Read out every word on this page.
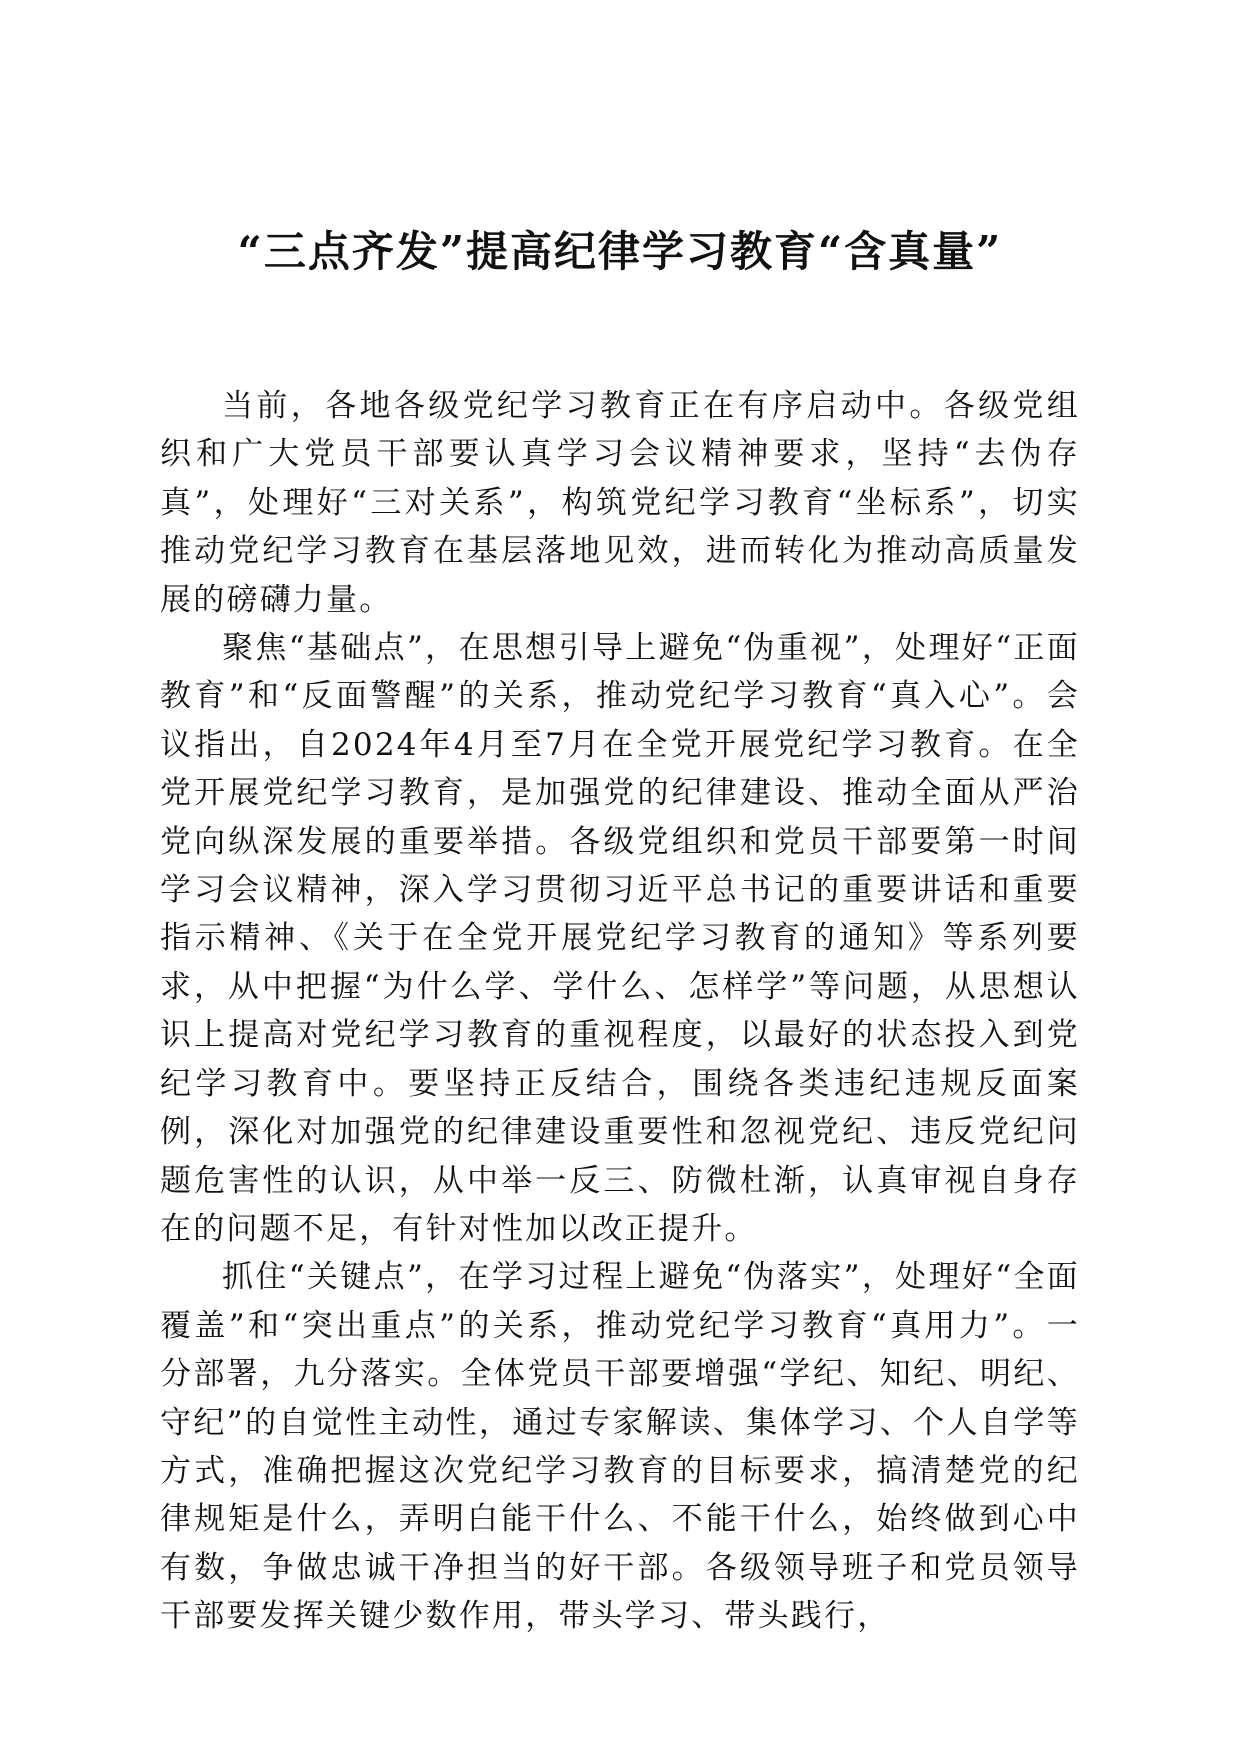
“三点齐发”提高纪律学习教育“含真量”

当前，各地各级党纪学习教育正在有序启动中。各级党组织和广大党员干部要认真学习会议精神要求，坚持“去伪存真”，处理好“三对关系”，构筑党纪学习教育“坐标系”，切实推动党纪学习教育在基层落地见效，进而转化为推动高质量发展的磅礴力量。

聚焦“基础点”，在思想引导上避免“伪重视”，处理好“正面教育”和“反面警醒”的关系，推动党纪学习教育“真入心”。会议指出，自2024年4月至7月在全党开展党纪学习教育。在全党开展党纪学习教育，是加强党的纪律建设、推动全面从严治党向纵深发展的重要举措。各级党组织和党员干部要第一时间学习会议精神，深入学习贯彻习近平总书记的重要讲话和重要指示精神、《关于在全党开展党纪学习教育的通知》等系列要求，从中把握“为什么学、学什么、怎样学”等问题，从思想认识上提高对党纪学习教育的重视程度，以最好的状态投入到党纪学习教育中。要坚持正反结合，围绕各类违纪违规反面案例，深化对加强党的纪律建设重要性和忽视党纪、违反党纪问题危害性的认识，从中举一反三、防微杜渐，认真审视自身存在的问题不足，有针对性加以改正提升。

抓住“关键点”，在学习过程上避免“伪落实”，处理好“全面覆盖”和“突出重点”的关系，推动党纪学习教育“真用力”。一分部署，九分落实。全体党员干部要增强“学纪、知纪、明纪、守纪”的自觉性主动性，通过专家解读、集体学习、个人自学等方式，准确把握这次党纪学习教育的目标要求，搞清楚党的纪律规矩是什么，弄明白能干什么、不能干什么，始终做到心中有数，争做忠诚干净担当的好干部。各级领导班子和党员领导干部要发挥关键少数作用，带头学习、带头践行，
